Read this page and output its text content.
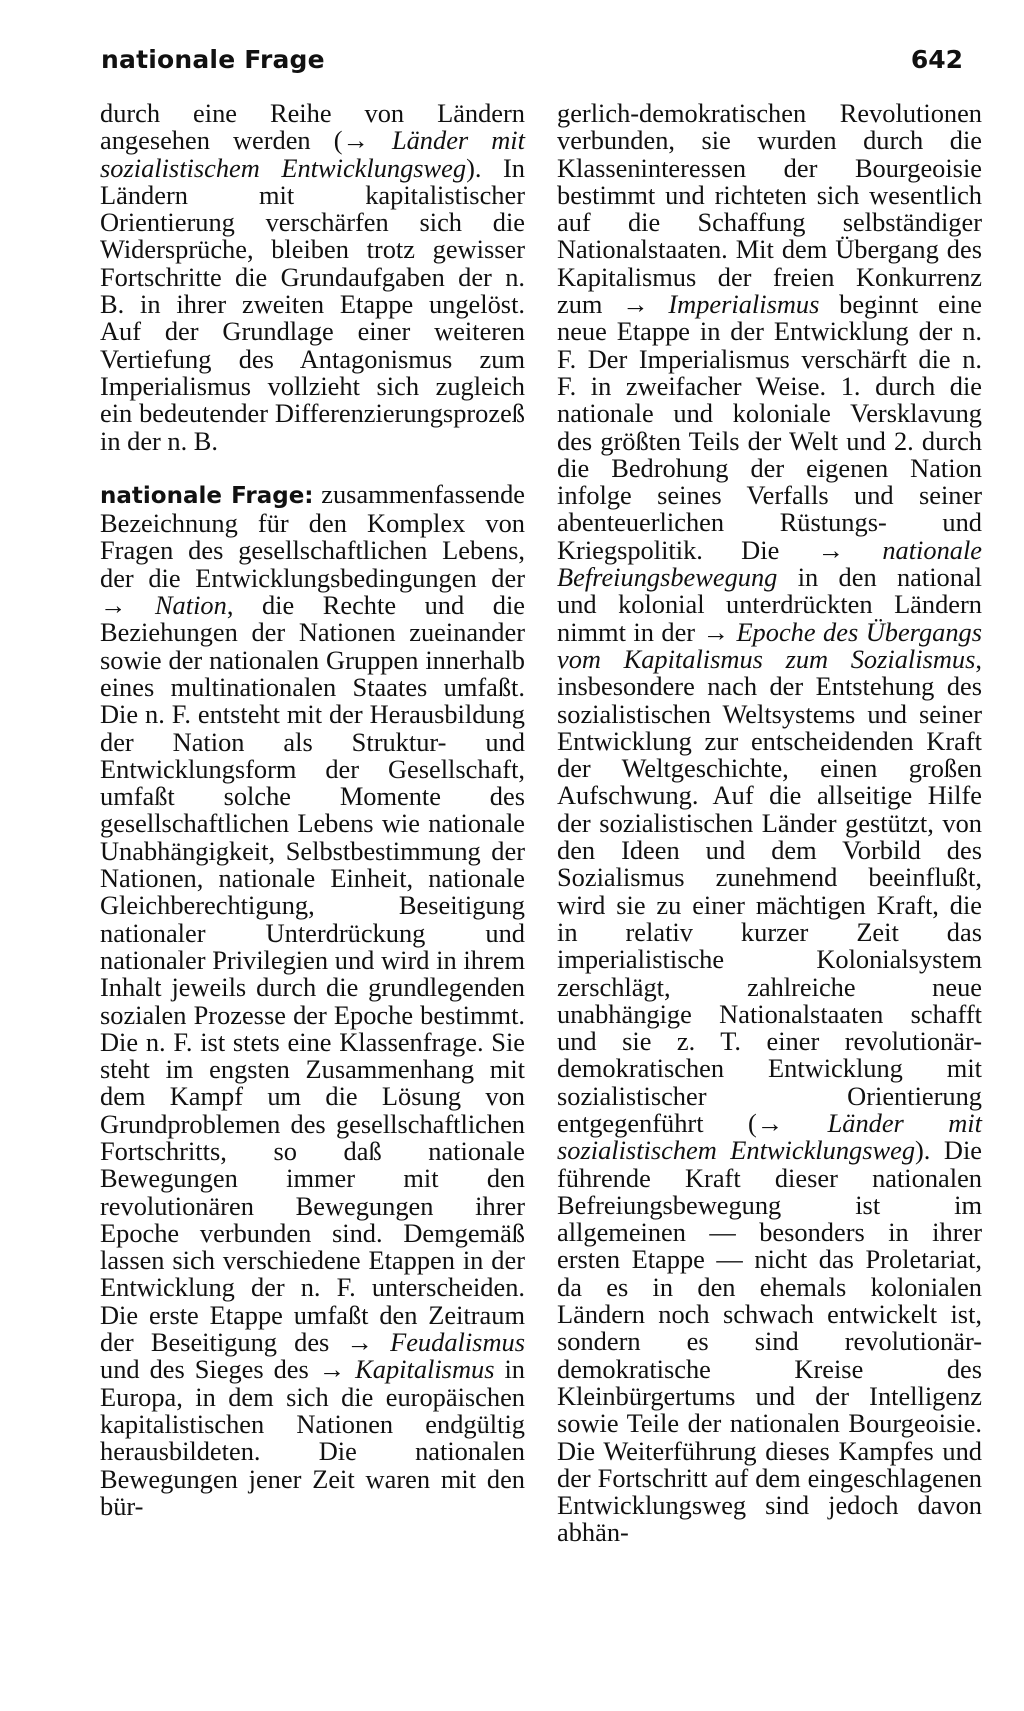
nationale Frage	642

durch eine Reihe von Ländern angesehen werden (→ Länder mit sozialistischem Entwicklungsweg). In Ländern mit kapitalistischer Orientierung verschärfen sich die Widersprüche, bleiben trotz gewisser Fortschritte die Grundaufgaben der n. B. in ihrer zweiten Etappe ungelöst. Auf der Grundlage einer weiteren Vertiefung des Antagonismus zum Imperialismus vollzieht sich zugleich ein bedeutender Differenzierungsprozeß in der n. B.

nationale Frage: zusammenfassende Bezeichnung für den Komplex von Fragen des gesellschaftlichen Lebens, der die Entwicklungsbedingungen der → Nation, die Rechte und die Beziehungen der Nationen zueinander sowie der nationalen Gruppen innerhalb eines multinationalen Staates umfaßt. Die n. F. entsteht mit der Herausbildung der Nation als Struktur- und Entwicklungsform der Gesellschaft, umfaßt solche Momente des gesellschaftlichen Lebens wie nationale Unabhängigkeit, Selbstbestimmung der Nationen, nationale Einheit, nationale Gleichberechtigung, Beseitigung nationaler Unterdrückung und nationaler Privilegien und wird in ihrem Inhalt jeweils durch die grundlegenden sozialen Prozesse der Epoche bestimmt. Die n. F. ist stets eine Klassenfrage. Sie steht im engsten Zusammenhang mit dem Kampf um die Lösung von Grundproblemen des gesellschaftlichen Fortschritts, so daß nationale Bewegungen immer mit den revolutionären Bewegungen ihrer Epoche verbunden sind. Demgemäß lassen sich verschiedene Etappen in der Entwicklung der n. F. unterscheiden. Die erste Etappe umfaßt den Zeitraum der Beseitigung des → Feudalismus und des Sieges des → Kapitalismus in Europa, in dem sich die europäischen kapitalistischen Nationen endgültig herausbildeten. Die nationalen Bewegungen jener Zeit waren mit den bür-

gerlich-demokratischen Revolutionen verbunden, sie wurden durch die Klasseninteressen der Bourgeoisie bestimmt und richteten sich wesentlich auf die Schaffung selbständiger Nationalstaaten. Mit dem Übergang des Kapitalismus der freien Konkurrenz zum → Imperialismus beginnt eine neue Etappe in der Entwicklung der n. F. Der Imperialismus verschärft die n. F. in zweifacher Weise. 1. durch die nationale und koloniale Versklavung des größten Teils der Welt und 2. durch die Bedrohung der eigenen Nation infolge seines Verfalls und seiner abenteuerlichen Rüstungs- und Kriegspolitik. Die → nationale Befreiungsbewegung in den national und kolonial unterdrückten Ländern nimmt in der → Epoche des Übergangs vom Kapitalismus zum Sozialismus, insbesondere nach der Entstehung des sozialistischen Weltsystems und seiner Entwicklung zur entscheidenden Kraft der Weltgeschichte, einen großen Aufschwung. Auf die allseitige Hilfe der sozialistischen Länder gestützt, von den Ideen und dem Vorbild des Sozialismus zunehmend beeinflußt, wird sie zu einer mächtigen Kraft, die in relativ kurzer Zeit das imperialistische Kolonialsystem zerschlägt, zahlreiche neue unabhängige Nationalstaaten schafft und sie z. T. einer revolutionär-demokratischen Entwicklung mit sozialistischer Orientierung entgegenführt (→ Länder mit sozialistischem Entwicklungsweg). Die führende Kraft dieser nationalen Befreiungsbewegung ist im allgemeinen — besonders in ihrer ersten Etappe — nicht das Proletariat, da es in den ehemals kolonialen Ländern noch schwach entwickelt ist, sondern es sind revolutionär-demokratische Kreise des Kleinbürgertums und der Intelligenz sowie Teile der nationalen Bourgeoisie. Die Weiterführung dieses Kampfes und der Fortschritt auf dem eingeschlagenen Entwicklungsweg sind jedoch davon abhän-
